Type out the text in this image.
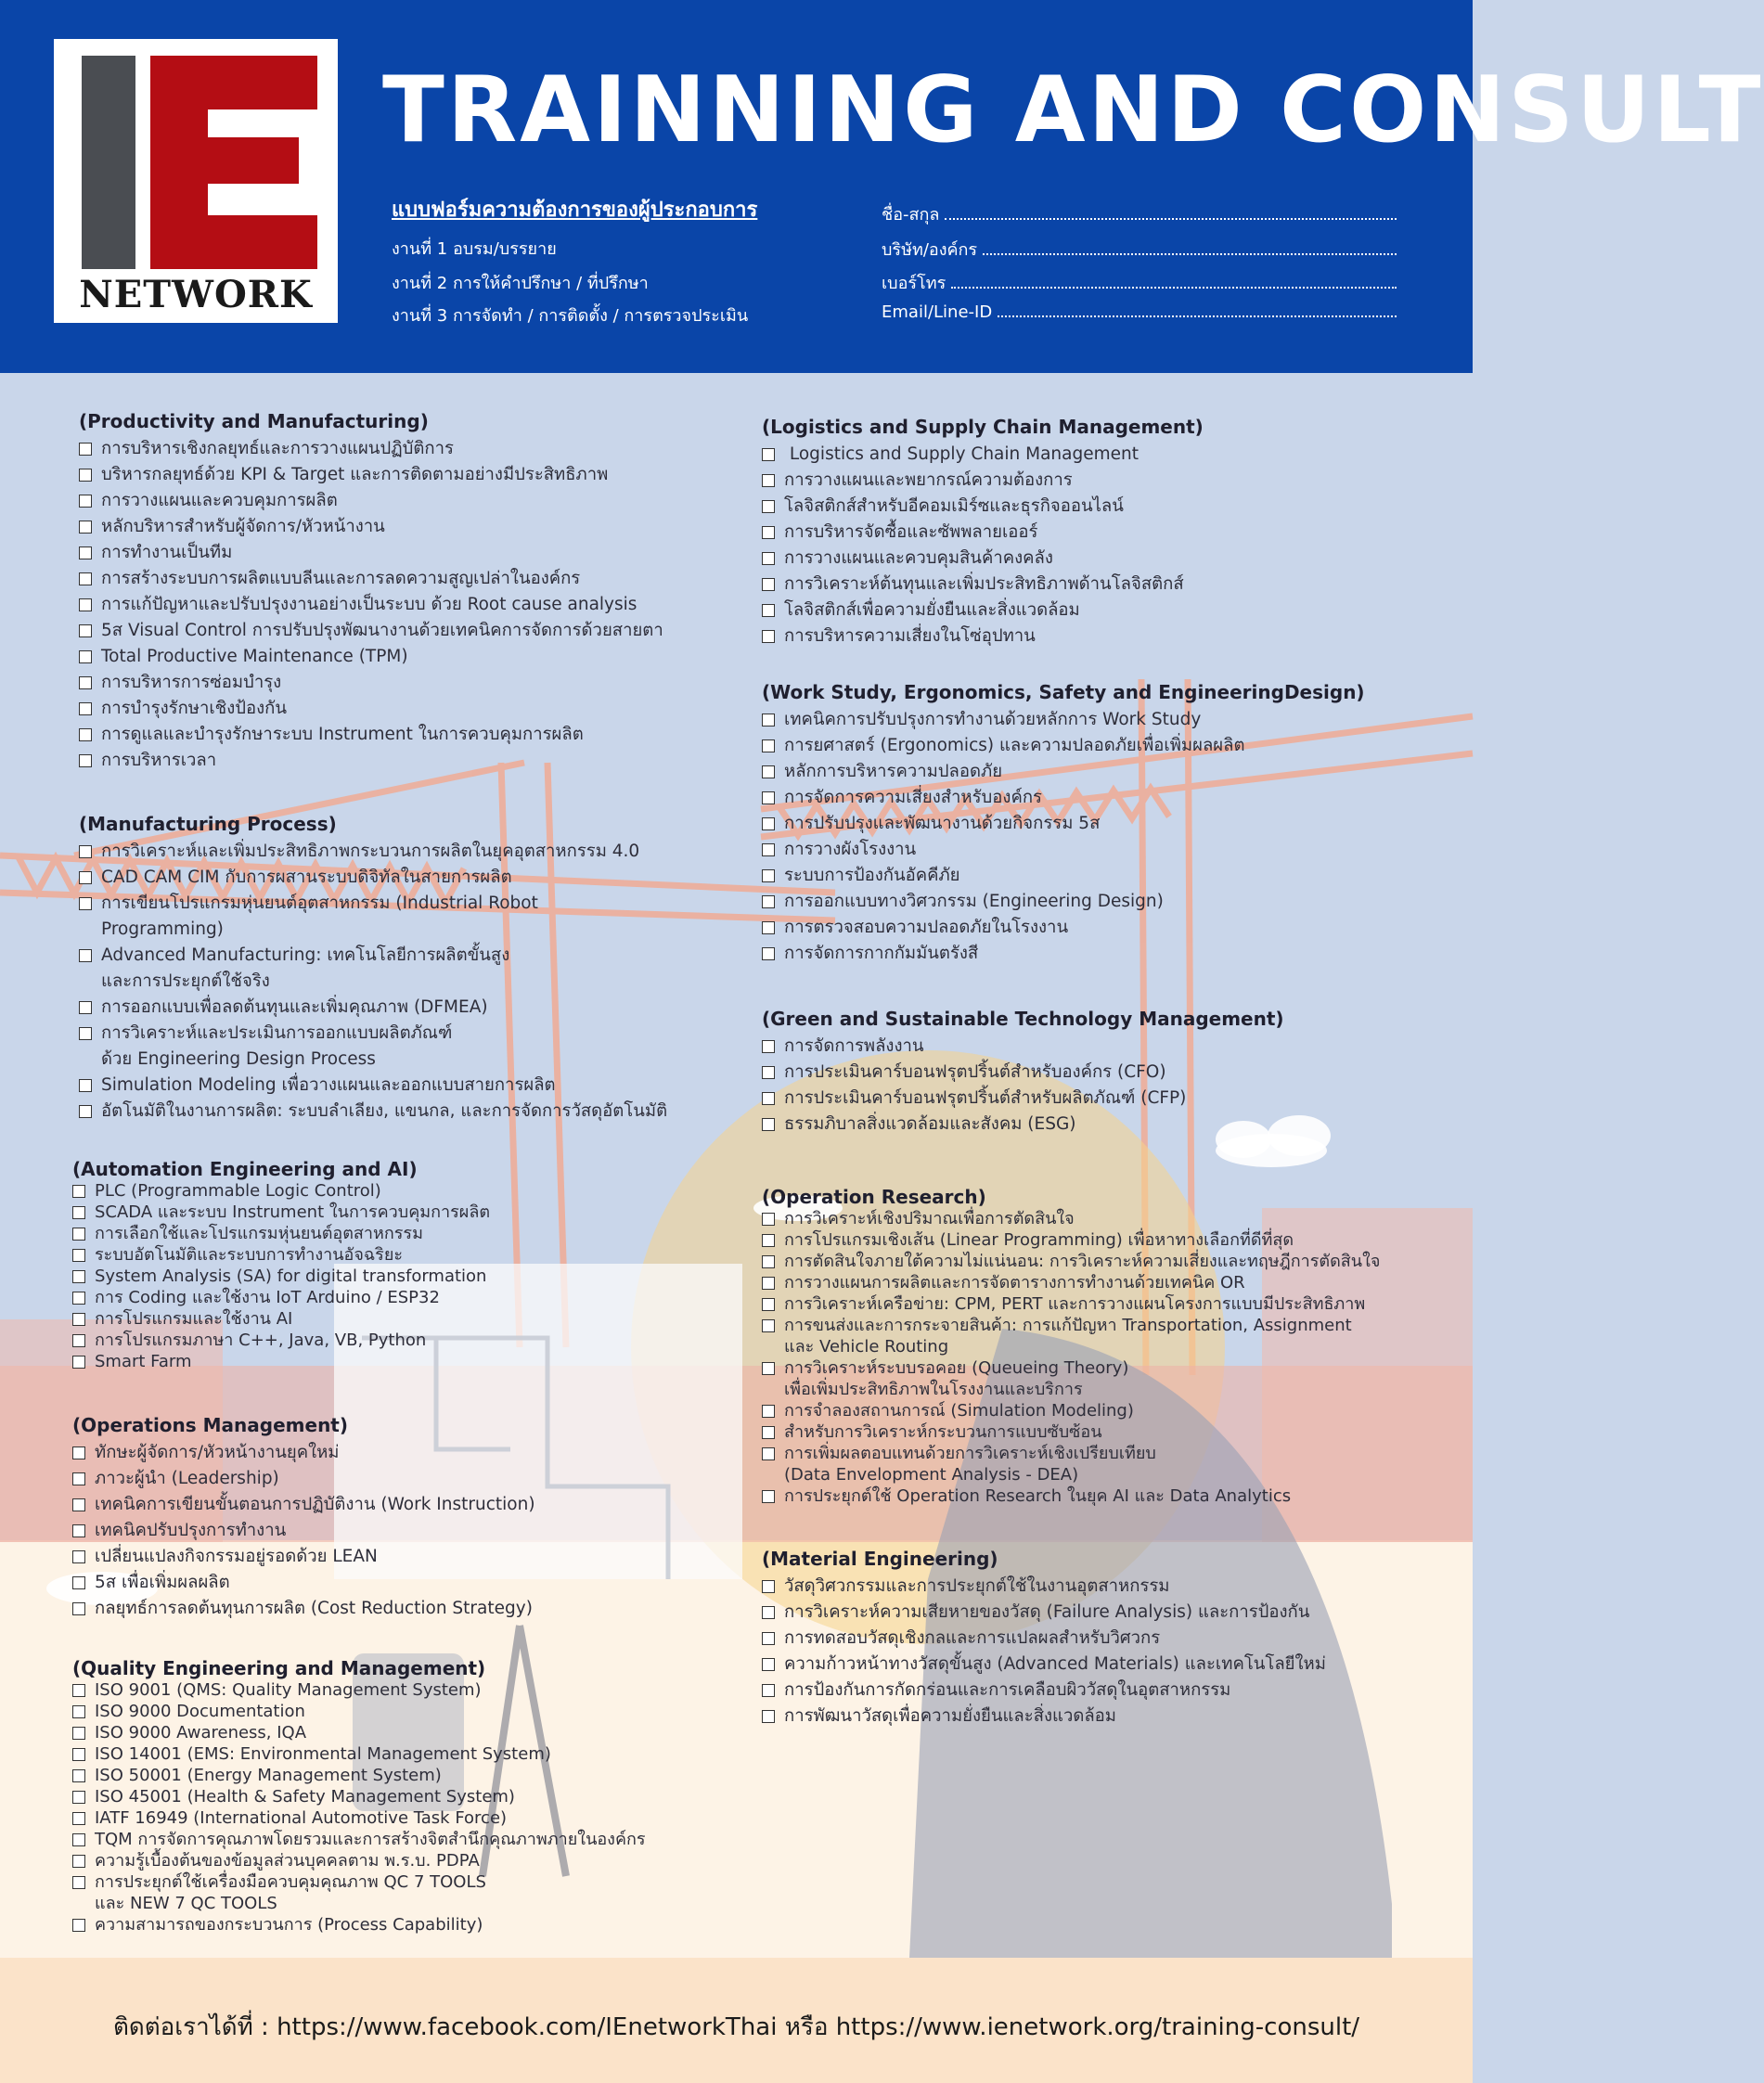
NETWORK
TRAINNING AND CONSULT
แบบฟอร์มความต้องการของผู้ประกอบการ
งานที่ 1 อบรม/บรรยาย
งานที่ 2 การให้คำปรึกษา / ที่ปรึกษา
งานที่ 3 การจัดทำ / การติดตั้ง / การตรวจประเมิน
ชื่อ-สกุล
บริษัท/องค์กร
เบอร์โทร
Email/Line-ID
(Productivity and Manufacturing)
การบริหารเชิงกลยุทธ์และการวางแผนปฏิบัติการ
บริหารกลยุทธ์ด้วย KPI & Target และการติดตามอย่างมีประสิทธิภาพ
การวางแผนและควบคุมการผลิต
หลักบริหารสำหรับผู้จัดการ/หัวหน้างาน
การทำงานเป็นทีม
การสร้างระบบการผลิตแบบลีนและการลดความสูญเปล่าในองค์กร
การแก้ปัญหาและปรับปรุงงานอย่างเป็นระบบ ด้วย Root cause analysis
5ส Visual Control การปรับปรุงพัฒนางานด้วยเทคนิคการจัดการด้วยสายตา
Total Productive Maintenance (TPM)
การบริหารการซ่อมบำรุง
การบำรุงรักษาเชิงป้องกัน
การดูแลและบำรุงรักษาระบบ Instrument ในการควบคุมการผลิต
การบริหารเวลา
(Manufacturing Process)
การวิเคราะห์และเพิ่มประสิทธิภาพกระบวนการผลิตในยุคอุตสาหกรรม 4.0
CAD CAM CIM กับการผสานระบบดิจิทัลในสายการผลิต
การเขียนโปรแกรมหุ่นยนต์อุตสาหกรรม (Industrial Robot
Programming)
Advanced Manufacturing: เทคโนโลยีการผลิตขั้นสูง
และการประยุกต์ใช้จริง
การออกแบบเพื่อลดต้นทุนและเพิ่มคุณภาพ (DFMEA)
การวิเคราะห์และประเมินการออกแบบผลิตภัณฑ์
ด้วย Engineering Design Process
Simulation Modeling เพื่อวางแผนและออกแบบสายการผลิต
อัตโนมัติในงานการผลิต: ระบบลำเลียง, แขนกล, และการจัดการวัสดุอัตโนมัติ
(Automation Engineering and AI)
PLC (Programmable Logic Control)
SCADA และระบบ Instrument ในการควบคุมการผลิต
การเลือกใช้และโปรแกรมหุ่นยนต์อุตสาหกรรม
ระบบอัตโนมัติและระบบการทำงานอัจฉริยะ
System Analysis (SA) for digital transformation
การ Coding และใช้งาน IoT Arduino / ESP32
การโปรแกรมและใช้งาน AI
การโปรแกรมภาษา C++, Java, VB, Python
Smart Farm
(Operations Management)
ทักษะผู้จัดการ/หัวหน้างานยุคใหม่
ภาวะผู้นำ (Leadership)
เทคนิคการเขียนขั้นตอนการปฏิบัติงาน (Work Instruction)
เทคนิคปรับปรุงการทำงาน
เปลี่ยนแปลงกิจกรรมอยู่รอดด้วย LEAN
5ส เพื่อเพิ่มผลผลิต
กลยุทธ์การลดต้นทุนการผลิต (Cost Reduction Strategy)
(Quality Engineering and Management)
ISO 9001 (QMS: Quality Management System)
ISO 9000 Documentation
ISO 9000 Awareness, IQA
ISO 14001 (EMS: Environmental Management System)
ISO 50001 (Energy Management System)
ISO 45001 (Health & Safety Management System)
IATF 16949 (International Automotive Task Force)
TQM การจัดการคุณภาพโดยรวมและการสร้างจิตสำนึกคุณภาพภายในองค์กร
ความรู้เบื้องต้นของข้อมูลส่วนบุคคลตาม พ.ร.บ. PDPA
การประยุกต์ใช้เครื่องมือควบคุมคุณภาพ QC 7 TOOLS
และ NEW 7 QC TOOLS
ความสามารถของกระบวนการ (Process Capability)
(Logistics and Supply Chain Management)
Logistics and Supply Chain Management
การวางแผนและพยากรณ์ความต้องการ
โลจิสติกส์สำหรับอีคอมเมิร์ซและธุรกิจออนไลน์
การบริหารจัดซื้อและซัพพลายเออร์
การวางแผนและควบคุมสินค้าคงคลัง
การวิเคราะห์ต้นทุนและเพิ่มประสิทธิภาพด้านโลจิสติกส์
โลจิสติกส์เพื่อความยั่งยืนและสิ่งแวดล้อม
การบริหารความเสี่ยงในโซ่อุปทาน
(Work Study, Ergonomics, Safety and EngineeringDesign)
เทคนิคการปรับปรุงการทำงานด้วยหลักการ Work Study
การยศาสตร์ (Ergonomics) และความปลอดภัยเพื่อเพิ่มผลผลิต
หลักการบริหารความปลอดภัย
การจัดการความเสี่ยงสำหรับองค์กร
การปรับปรุงและพัฒนางานด้วยกิจกรรม 5ส
การวางผังโรงงาน
ระบบการป้องกันอัคคีภัย
การออกแบบทางวิศวกรรม (Engineering Design)
การตรวจสอบความปลอดภัยในโรงงาน
การจัดการกากกัมมันตรังสี
(Green and Sustainable Technology Management)
การจัดการพลังงาน
การประเมินคาร์บอนฟรุตปริ้นต์สำหรับองค์กร (CFO)
การประเมินคาร์บอนฟรุตปริ้นต์สำหรับผลิตภัณฑ์ (CFP)
ธรรมภิบาลสิ่งแวดล้อมและสังคม (ESG)
(Operation Research)
การวิเคราะห์เชิงปริมาณเพื่อการตัดสินใจ
การโปรแกรมเชิงเส้น (Linear Programming) เพื่อหาทางเลือกที่ดีที่สุด
การตัดสินใจภายใต้ความไม่แน่นอน: การวิเคราะห์ความเสี่ยงและทฤษฎีการตัดสินใจ
การวางแผนการผลิตและการจัดตารางการทำงานด้วยเทคนิค OR
การวิเคราะห์เครือข่าย: CPM, PERT และการวางแผนโครงการแบบมีประสิทธิภาพ
การขนส่งและการกระจายสินค้า: การแก้ปัญหา Transportation, Assignment
และ Vehicle Routing
การวิเคราะห์ระบบรอคอย (Queueing Theory)
เพื่อเพิ่มประสิทธิภาพในโรงงานและบริการ
การจำลองสถานการณ์ (Simulation Modeling)
สำหรับการวิเคราะห์กระบวนการแบบซับซ้อน
การเพิ่มผลตอบแทนด้วยการวิเคราะห์เชิงเปรียบเทียบ
(Data Envelopment Analysis - DEA)
การประยุกต์ใช้ Operation Research ในยุค AI และ Data Analytics
(Material Engineering)
วัสดุวิศวกรรมและการประยุกต์ใช้ในงานอุตสาหกรรม
การวิเคราะห์ความเสียหายของวัสดุ (Failure Analysis) และการป้องกัน
การทดสอบวัสดุเชิงกลและการแปลผลสำหรับวิศวกร
ความก้าวหน้าทางวัสดุขั้นสูง (Advanced Materials) และเทคโนโลยีใหม่
การป้องกันการกัดกร่อนและการเคลือบผิววัสดุในอุตสาหกรรม
การพัฒนาวัสดุเพื่อความยั่งยืนและสิ่งแวดล้อม
ติดต่อเราได้ที่ : https://www.facebook.com/IEnetworkThai หรือ https://www.ienetwork.org/training-consult/
